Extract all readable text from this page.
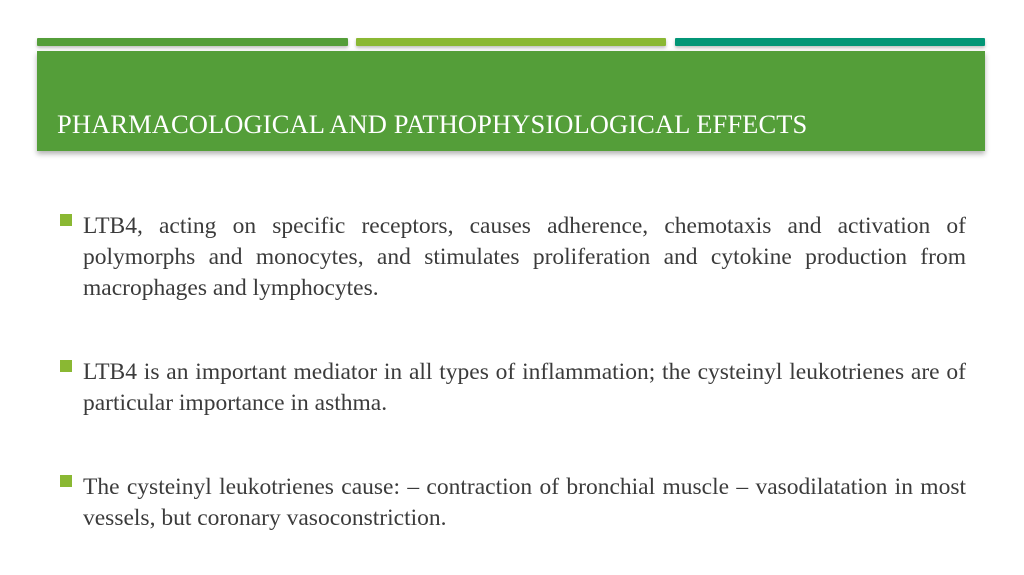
PHARMACOLOGICAL AND PATHOPHYSIOLOGICAL EFFECTS
LTB4, acting on specific receptors, causes adherence, chemotaxis and activation of polymorphs and monocytes, and stimulates proliferation and cytokine production from macrophages and lymphocytes.
LTB4 is an important mediator in all types of inflammation; the cysteinyl leukotrienes are of particular importance in asthma.
The cysteinyl leukotrienes cause: – contraction of bronchial muscle – vasodilatation in most vessels, but coronary vasoconstriction.
